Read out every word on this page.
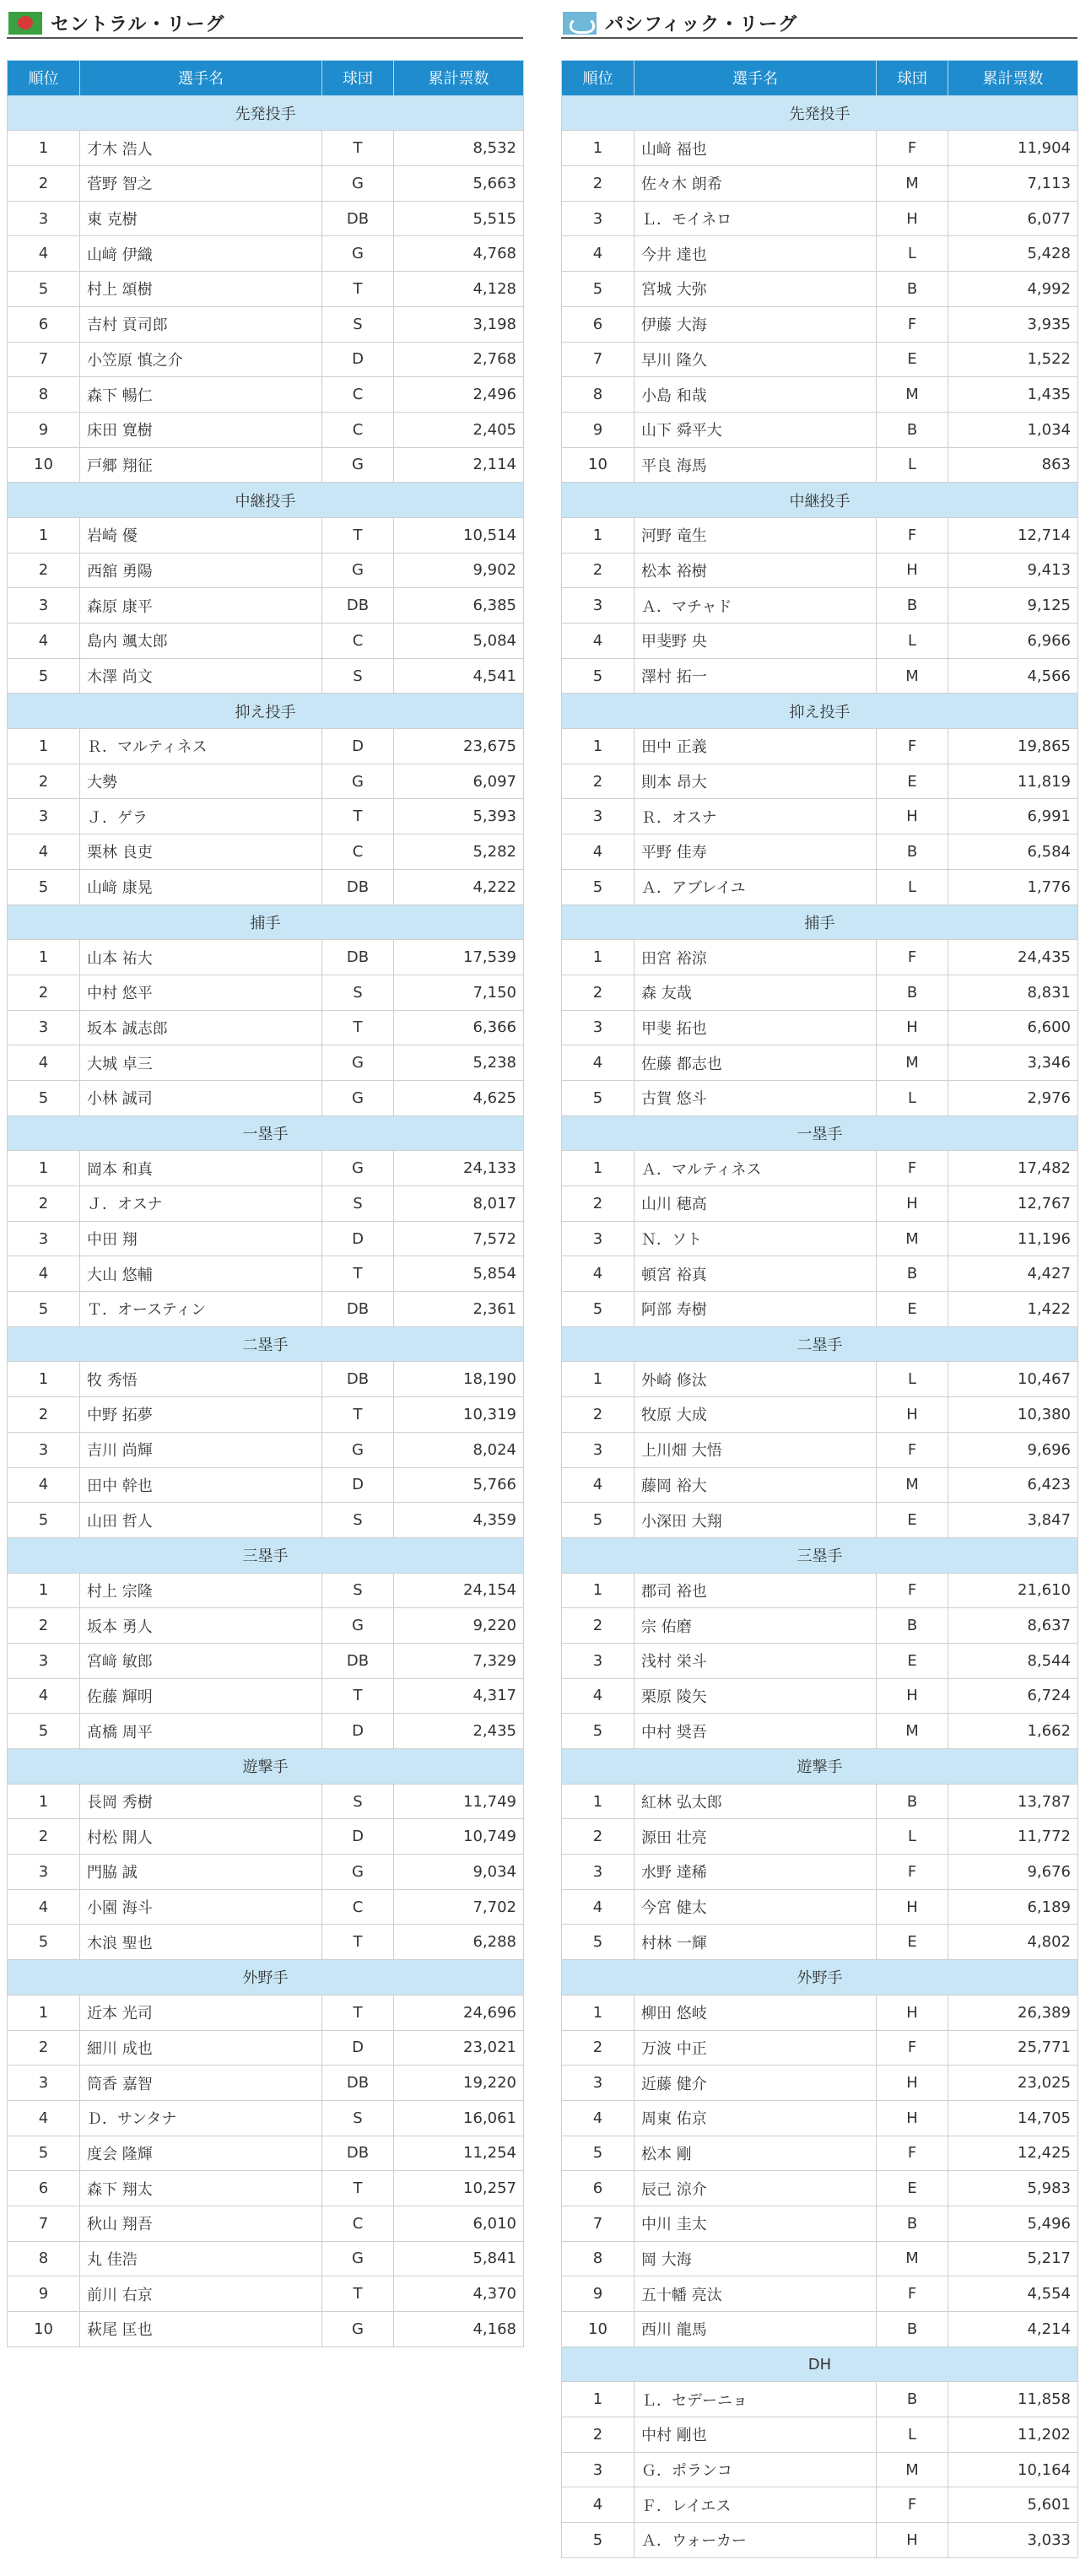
セントラル・リーグ
順位	選手名	球団	累計票数
先発投手			
1	才木 浩人	T	8,532
2	菅野 智之	G	5,663
3	東 克樹	DB	5,515
4	山﨑 伊織	G	4,768
5	村上 頌樹	T	4,128
6	吉村 貢司郎	S	3,198
7	小笠原 慎之介	D	2,768
8	森下 暢仁	C	2,496
9	床田 寛樹	C	2,405
10	戸郷 翔征	G	2,114
中継投手			
1	岩崎 優	T	10,514
2	西舘 勇陽	G	9,902
3	森原 康平	DB	6,385
4	島内 颯太郎	C	5,084
5	木澤 尚文	S	4,541
抑え投手			
1	Ｒ．マルティネス	D	23,675
2	大勢	G	6,097
3	Ｊ．ゲラ	T	5,393
4	栗林 良吏	C	5,282
5	山﨑 康晃	DB	4,222
捕手			
1	山本 祐大	DB	17,539
2	中村 悠平	S	7,150
3	坂本 誠志郎	T	6,366
4	大城 卓三	G	5,238
5	小林 誠司	G	4,625
一塁手			
1	岡本 和真	G	24,133
2	Ｊ．オスナ	S	8,017
3	中田 翔	D	7,572
4	大山 悠輔	T	5,854
5	Ｔ．オースティン	DB	2,361
二塁手			
1	牧 秀悟	DB	18,190
2	中野 拓夢	T	10,319
3	吉川 尚輝	G	8,024
4	田中 幹也	D	5,766
5	山田 哲人	S	4,359
三塁手			
1	村上 宗隆	S	24,154
2	坂本 勇人	G	9,220
3	宮﨑 敏郎	DB	7,329
4	佐藤 輝明	T	4,317
5	髙橋 周平	D	2,435
遊撃手			
1	長岡 秀樹	S	11,749
2	村松 開人	D	10,749
3	門脇 誠	G	9,034
4	小園 海斗	C	7,702
5	木浪 聖也	T	6,288
外野手			
1	近本 光司	T	24,696
2	細川 成也	D	23,021
3	筒香 嘉智	DB	19,220
4	Ｄ．サンタナ	S	16,061
5	度会 隆輝	DB	11,254
6	森下 翔太	T	10,257
7	秋山 翔吾	C	6,010
8	丸 佳浩	G	5,841
9	前川 右京	T	4,370
10	萩尾 匡也	G	4,168
パシフィック・リーグ
順位	選手名	球団	累計票数
先発投手			
1	山﨑 福也	F	11,904
2	佐々木 朗希	M	7,113
3	Ｌ．モイネロ	H	6,077
4	今井 達也	L	5,428
5	宮城 大弥	B	4,992
6	伊藤 大海	F	3,935
7	早川 隆久	E	1,522
8	小島 和哉	M	1,435
9	山下 舜平大	B	1,034
10	平良 海馬	L	863
中継投手			
1	河野 竜生	F	12,714
2	松本 裕樹	H	9,413
3	Ａ．マチャド	B	9,125
4	甲斐野 央	L	6,966
5	澤村 拓一	M	4,566
抑え投手			
1	田中 正義	F	19,865
2	則本 昂大	E	11,819
3	Ｒ．オスナ	H	6,991
4	平野 佳寿	B	6,584
5	Ａ．アブレイユ	L	1,776
捕手			
1	田宮 裕涼	F	24,435
2	森 友哉	B	8,831
3	甲斐 拓也	H	6,600
4	佐藤 都志也	M	3,346
5	古賀 悠斗	L	2,976
一塁手			
1	Ａ．マルティネス	F	17,482
2	山川 穂高	H	12,767
3	Ｎ．ソト	M	11,196
4	頓宮 裕真	B	4,427
5	阿部 寿樹	E	1,422
二塁手			
1	外崎 修汰	L	10,467
2	牧原 大成	H	10,380
3	上川畑 大悟	F	9,696
4	藤岡 裕大	M	6,423
5	小深田 大翔	E	3,847
三塁手			
1	郡司 裕也	F	21,610
2	宗 佑磨	B	8,637
3	浅村 栄斗	E	8,544
4	栗原 陵矢	H	6,724
5	中村 奨吾	M	1,662
遊撃手			
1	紅林 弘太郎	B	13,787
2	源田 壮亮	L	11,772
3	水野 達稀	F	9,676
4	今宮 健太	H	6,189
5	村林 一輝	E	4,802
外野手			
1	柳田 悠岐	H	26,389
2	万波 中正	F	25,771
3	近藤 健介	H	23,025
4	周東 佑京	H	14,705
5	松本 剛	F	12,425
6	辰己 涼介	E	5,983
7	中川 圭太	B	5,496
8	岡 大海	M	5,217
9	五十幡 亮汰	F	4,554
10	西川 龍馬	B	4,214
DH			
1	Ｌ．セデーニョ	B	11,858
2	中村 剛也	L	11,202
3	Ｇ．ポランコ	M	10,164
4	Ｆ．レイエス	F	5,601
5	Ａ．ウォーカー	H	3,033
